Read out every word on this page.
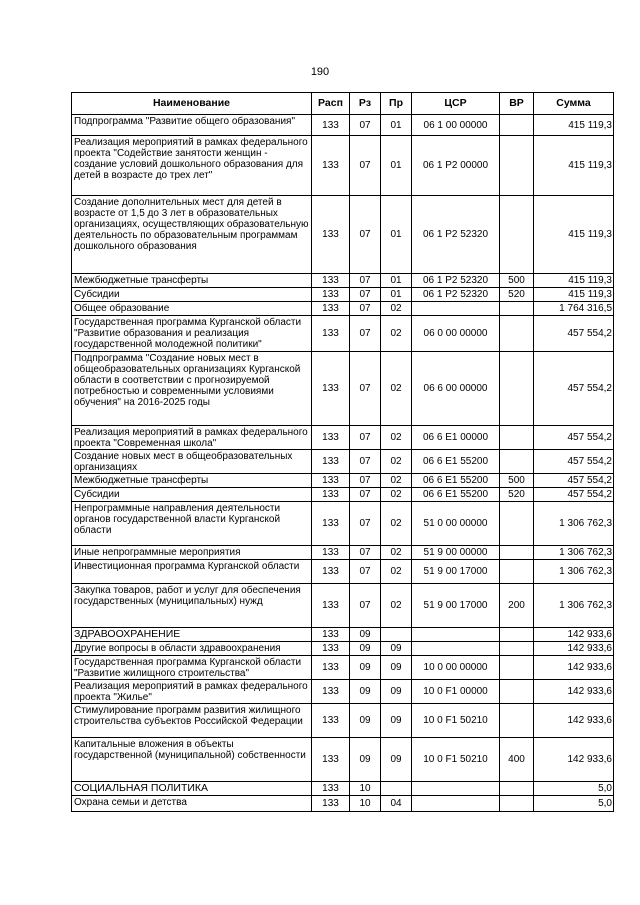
190
Наименование	Расп	Рз	Пр	ЦСР	ВР	Сумма
Подпрограмма "Развитие общего образования"	133	07	01	06 1 00 00000		415 119,3
Реализация мероприятий в рамках федерального проекта "Содействие занятости женщин - создание условий дошкольного образования для детей в возрасте до трех лет"	133	07	01	06 1 P2 00000		415 119,3
Создание дополнительных мест для детей в возрасте от 1,5 до 3 лет в образовательных организациях, осуществляющих образовательную деятельность по образовательным программам дошкольного образования	133	07	01	06 1 P2 52320		415 119,3
Межбюджетные трансферты	133	07	01	06 1 P2 52320	500	415 119,3
Субсидии	133	07	01	06 1 P2 52320	520	415 119,3
Общее образование	133	07	02			1 764 316,5
Государственная программа Курганской области "Развитие образования и реализация государственной молодежной политики"	133	07	02	06 0 00 00000		457 554,2
Подпрограмма "Создание новых мест в общеобразовательных организациях Курганской области в соответствии с прогнозируемой потребностью и современными условиями обучения" на 2016-2025 годы	133	07	02	06 6 00 00000		457 554,2
Реализация мероприятий в рамках федерального проекта "Современная школа"	133	07	02	06 6 E1 00000		457 554,2
Создание новых мест в общеобразовательных организациях	133	07	02	06 6 E1 55200		457 554,2
Межбюджетные трансферты	133	07	02	06 6 E1 55200	500	457 554,2
Субсидии	133	07	02	06 6 E1 55200	520	457 554,2
Непрограммные направления деятельности органов государственной власти Курганской области	133	07	02	51 0 00 00000		1 306 762,3
Иные непрограммные мероприятия	133	07	02	51 9 00 00000		1 306 762,3
Инвестиционная программа Курганской области	133	07	02	51 9 00 17000		1 306 762,3
Закупка товаров, работ и услуг для обеспечения государственных (муниципальных) нужд	133	07	02	51 9 00 17000	200	1 306 762,3
ЗДРАВООХРАНЕНИЕ	133	09				142 933,6
Другие вопросы в области здравоохранения	133	09	09			142 933,6
Государственная программа Курганской области "Развитие жилищного строительства"	133	09	09	10 0 00 00000		142 933,6
Реализация мероприятий в рамках федерального проекта "Жилье"	133	09	09	10 0 F1 00000		142 933,6
Стимулирование программ развития жилищного строительства субъектов Российской Федерации	133	09	09	10 0 F1 50210		142 933,6
Капитальные вложения в объекты государственной (муниципальной) собственности	133	09	09	10 0 F1 50210	400	142 933,6
СОЦИАЛЬНАЯ ПОЛИТИКА	133	10				5,0
Охрана семьи и детства	133	10	04			5,0
